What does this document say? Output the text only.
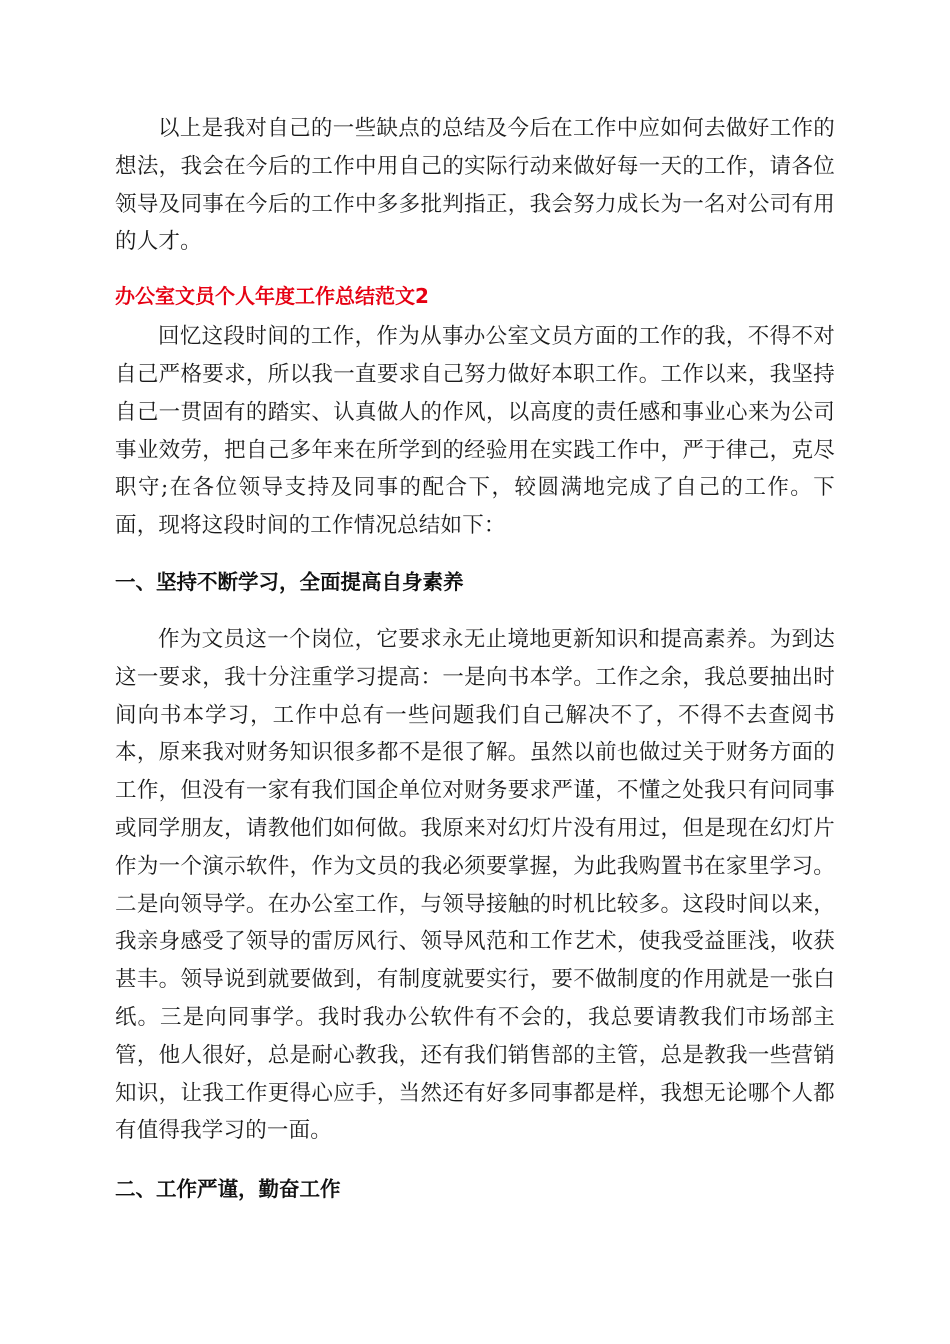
以上是我对自己的一些缺点的总结及今后在工作中应如何去做好工作的想法，我会在今后的工作中用自己的实际行动来做好每一天的工作，请各位领导及同事在今后的工作中多多批判指正，我会努力成长为一名对公司有用的人才。

办公室文员个人年度工作总结范文2

回忆这段时间的工作，作为从事办公室文员方面的工作的我，不得不对自己严格要求，所以我一直要求自己努力做好本职工作。工作以来，我坚持自己一贯固有的踏实、认真做人的作风，以高度的责任感和事业心来为公司事业效劳，把自己多年来在所学到的经验用在实践工作中，严于律己，克尽职守;在各位领导支持及同事的配合下，较圆满地完成了自己的工作。下面，现将这段时间的工作情况总结如下：

一、坚持不断学习，全面提高自身素养

作为文员这一个岗位，它要求永无止境地更新知识和提高素养。为到达这一要求，我十分注重学习提高：一是向书本学。工作之余，我总要抽出时间向书本学习，工作中总有一些问题我们自己解决不了，不得不去查阅书本，原来我对财务知识很多都不是很了解。虽然以前也做过关于财务方面的工作，但没有一家有我们国企单位对财务要求严谨，不懂之处我只有问同事或同学朋友，请教他们如何做。我原来对幻灯片没有用过，但是现在幻灯片作为一个演示软件，作为文员的我必须要掌握，为此我购置书在家里学习。二是向领导学。在办公室工作，与领导接触的时机比较多。这段时间以来，我亲身感受了领导的雷厉风行、领导风范和工作艺术，使我受益匪浅，收获甚丰。领导说到就要做到，有制度就要实行，要不做制度的作用就是一张白纸。三是向同事学。我时我办公软件有不会的，我总要请教我们市场部主管，他人很好，总是耐心教我，还有我们销售部的主管，总是教我一些营销知识，让我工作更得心应手，当然还有好多同事都是样，我想无论哪个人都有值得我学习的一面。

二、工作严谨，勤奋工作
